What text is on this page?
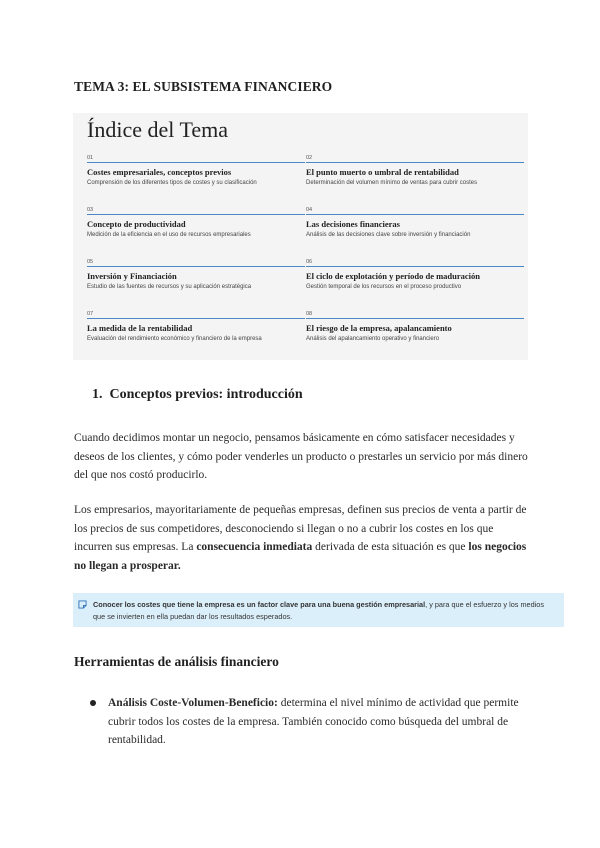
TEMA 3: EL SUBSISTEMA FINANCIERO
Índice del Tema
01
Costes empresariales, conceptos previos
Comprensión de los diferentes tipos de costes y su clasificación
02
El punto muerto o umbral de rentabilidad
Determinación del volumen mínimo de ventas para cubrir costes
03
Concepto de productividad
Medición de la eficiencia en el uso de recursos empresariales
04
Las decisiones financieras
Análisis de las decisiones clave sobre inversión y financiación
05
Inversión y Financiación
Estudio de las fuentes de recursos y su aplicación estratégica
06
El ciclo de explotación y período de maduración
Gestión temporal de los recursos en el proceso productivo
07
La medida de la rentabilidad
Evaluación del rendimiento económico y financiero de la empresa
08
El riesgo de la empresa, apalancamiento
Análisis del apalancamiento operativo y financiero
1. Conceptos previos: introducción
Cuando decidimos montar un negocio, pensamos básicamente en cómo satisfacer necesidades y deseos de los clientes, y cómo poder venderles un producto o prestarles un servicio por más dinero del que nos costó producirlo.
Los empresarios, mayoritariamente de pequeñas empresas, definen sus precios de venta a partir de los precios de sus competidores, desconociendo si llegan o no a cubrir los costes en los que incurren sus empresas. La consecuencia inmediata derivada de esta situación es que los negocios no llegan a prosperar.
Conocer los costes que tiene la empresa es un factor clave para una buena gestión empresarial, y para que el esfuerzo y los medios que se invierten en ella puedan dar los resultados esperados.
Herramientas de análisis financiero
Análisis Coste-Volumen-Beneficio: determina el nivel mínimo de actividad que permite cubrir todos los costes de la empresa. También conocido como búsqueda del umbral de rentabilidad.
